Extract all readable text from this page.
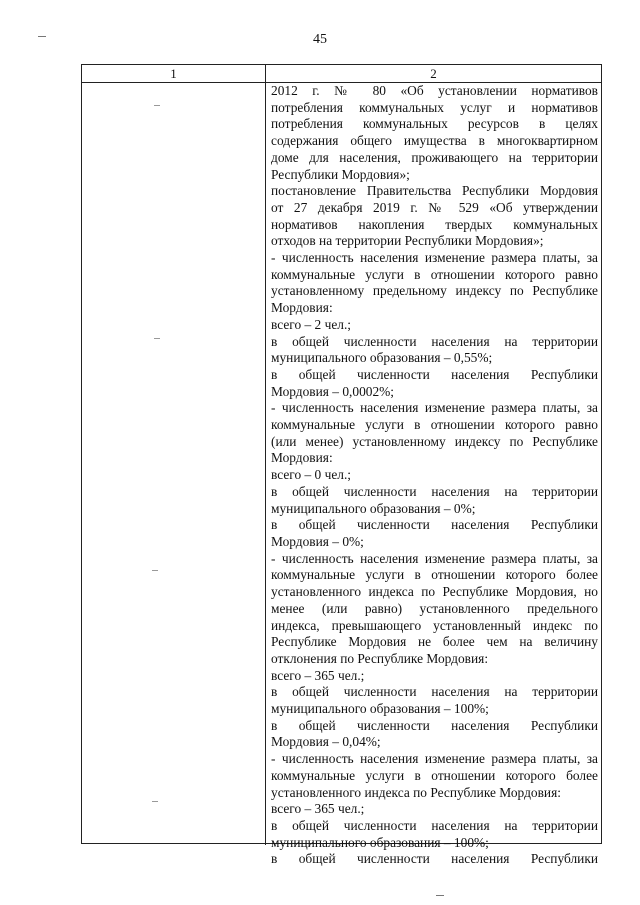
45
1	2
2012 г. № 80 «Об установлении нормативов
потребления коммунальных услуг и нормативов
потребления коммунальных ресурсов в целях
содержания общего имущества в многоквартирном
доме для населения, проживающего на территории
Республики Мордовия»;
постановление Правительства Республики Мордовия
от 27 декабря 2019 г. № 529 «Об утверждении
нормативов накопления твердых коммунальных
отходов на территории Республики Мордовия»;
- численность населения изменение размера платы, за
коммунальные услуги в отношении которого равно
установленному предельному индексу по Республике
Мордовия:
всего – 2 чел.;
в общей численности населения на территории
муниципального образования – 0,55%;
в общей численности населения Республики
Мордовия – 0,0002%;
- численность населения изменение размера платы, за
коммунальные услуги в отношении которого равно
(или менее) установленному индексу по Республике
Мордовия:
всего – 0 чел.;
в общей численности населения на территории
муниципального образования – 0%;
в общей численности населения Республики
Мордовия – 0%;
- численность населения изменение размера платы, за
коммунальные услуги в отношении которого более
установленного индекса по Республике Мордовия, но
менее (или равно) установленного предельного
индекса, превышающего установленный индекс по
Республике Мордовия не более чем на величину
отклонения по Республике Мордовия:
всего – 365 чел.;
в общей численности населения на территории
муниципального образования – 100%;
в общей численности населения Республики
Мордовия – 0,04%;
- численность населения изменение размера платы, за
коммунальные услуги в отношении которого более
установленного индекса по Республике Мордовия:
всего – 365 чел.;
в общей численности населения на территории
муниципального образования – 100%;
в общей численности населения Республики
